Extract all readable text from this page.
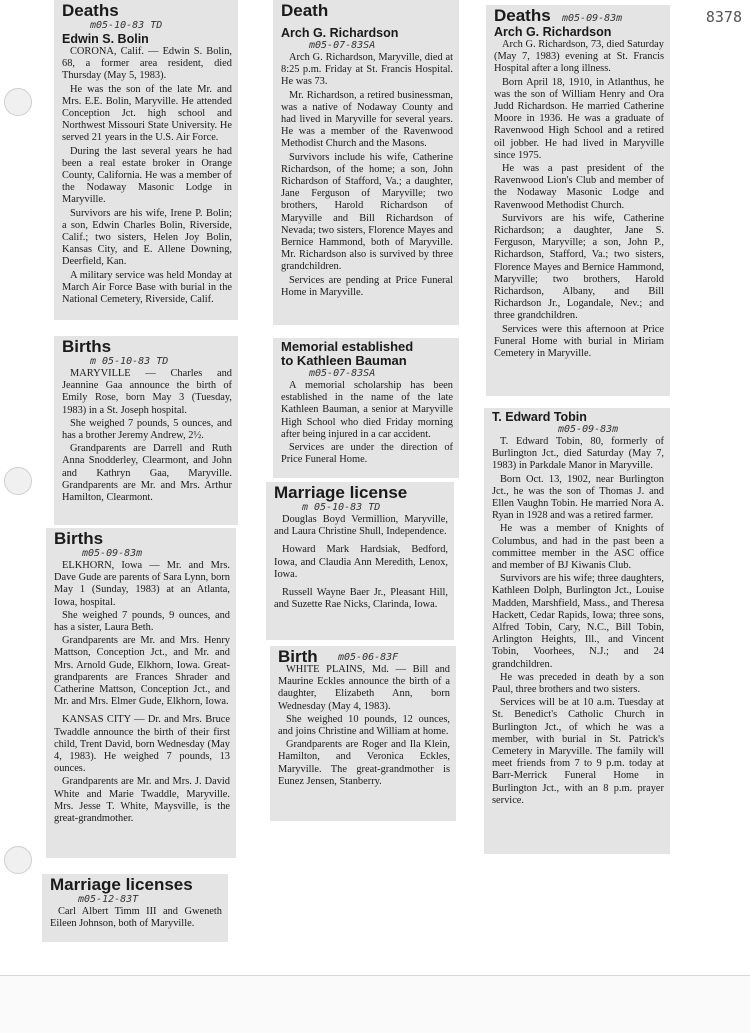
8378
Deaths
m05-10-83 TD
Edwin S. Bolin

CORONA, Calif. — Edwin S. Bolin, 68, a former area resident, died Thursday (May 5, 1983).

He was the son of the late Mr. and Mrs. E.E. Bolin, Maryville. He attended Conception Jct. high school and Northwest Missouri State University. He served 21 years in the U.S. Air Force.

During the last several years he had been a real estate broker in Orange County, California. He was a member of the Nodaway Masonic Lodge in Maryville.

Survivors are his wife, Irene P. Bolin; a son, Edwin Charles Bolin, Riverside, Calif.; two sisters, Helen Joy Bolin, Kansas City, and E. Allene Downing, Deerfield, Kan.

A military service was held Monday at March Air Force Base with burial in the National Cemetery, Riverside, Calif.

Births
m 05-10-83 TD

MARYVILLE — Charles and Jeannine Gaa announce the birth of Emily Rose, born May 3 (Tuesday, 1983) in a St. Joseph hospital.

She weighed 7 pounds, 5 ounces, and has a brother Jeremy Andrew, 2½.

Grandparents are Darrell and Ruth Anna Snodderley, Clearmont, and John and Kathryn Gaa, Maryville. Grandparents are Mr. and Mrs. Arthur Hamilton, Clearmont.

Births
m05-09-83m

ELKHORN, Iowa — Mr. and Mrs. Dave Gude are parents of Sara Lynn, born May 1 (Sunday, 1983) at an Atlanta, Iowa, hospital.

She weighed 7 pounds, 9 ounces, and has a sister, Laura Beth.

Grandparents are Mr. and Mrs. Henry Mattson, Conception Jct., and Mr. and Mrs. Arnold Gude, Elkhorn, Iowa. Great-grandparents are Frances Shrader and Catherine Mattson, Conception Jct., and Mr. and Mrs. Elmer Gude, Elkhorn, Iowa.

KANSAS CITY — Dr. and Mrs. Bruce Twaddle announce the birth of their first child, Trent David, born Wednesday (May 4, 1983). He weighed 7 pounds, 13 ounces.

Grandparents are Mr. and Mrs. J. David White and Marie Twaddle, Maryville. Mrs. Jesse T. White, Maysville, is the great-grandmother.

Marriage licenses
m05-12-83T

Carl Albert Timm III and Gweneth Eileen Johnson, both of Maryville.

Death
Arch G. Richardson
m05-07-83SA

Arch G. Richardson, Maryville, died at 8:25 p.m. Friday at St. Francis Hospital. He was 73.

Mr. Richardson, a retired businessman, was a native of Nodaway County and had lived in Maryville for several years. He was a member of the Ravenwood Methodist Church and the Masons.

Survivors include his wife, Catherine Richardson, of the home; a son, John Richardson of Stafford, Va.; a daughter, Jane Ferguson of Maryville; two brothers, Harold Richardson of Maryville and Bill Richardson of Nevada; two sisters, Florence Mayes and Bernice Hammond, both of Maryville. Mr. Richardson also is survived by three grandchildren.

Services are pending at Price Funeral Home in Maryville.

Memorial established
to Kathleen Bauman
m05-07-83SA

A memorial scholarship has been established in the name of the late Kathleen Bauman, a senior at Maryville High School who died Friday morning after being injured in a car accident.

Services are under the direction of Price Funeral Home.

Marriage license
m 05-10-83 TD

Douglas Boyd Vermillion, Maryville, and Laura Christine Shull, Independence.

Howard Mark Hardsiak, Bedford, Iowa, and Claudia Ann Meredith, Lenox, Iowa.

Russell Wayne Baer Jr., Pleasant Hill, and Suzette Rae Nicks, Clarinda, Iowa.

Birth	m05-06-83F

WHITE PLAINS, Md. — Bill and Maurine Eckles announce the birth of a daughter, Elizabeth Ann, born Wednesday (May 4, 1983).

She weighed 10 pounds, 12 ounces, and joins Christine and William at home.

Grandparents are Roger and Ila Klein, Hamilton, and Veronica Eckles, Maryville. The great-grandmother is Eunez Jensen, Stanberry.

Deaths	m05-09-83m
Arch G. Richardson

Arch G. Richardson, 73, died Saturday (May 7, 1983) evening at St. Francis Hospital after a long illness.

Born April 18, 1910, in Atlanthus, he was the son of William Henry and Ora Judd Richardson. He married Catherine Moore in 1936. He was a graduate of Ravenwood High School and a retired oil jobber. He had lived in Maryville since 1975.

He was a past president of the Ravenwood Lion's Club and member of the Nodaway Masonic Lodge and Ravenwood Methodist Church.

Survivors are his wife, Catherine Richardson; a daughter, Jane S. Ferguson, Maryville; a son, John P., Richardson, Stafford, Va.; two sisters, Florence Mayes and Bernice Hammond, Maryville; two brothers, Harold Richardson, Albany, and Bill Richardson Jr., Logandale, Nev.; and three grandchildren.

Services were this afternoon at Price Funeral Home with burial in Miriam Cemetery in Maryville.

T. Edward Tobin
m05-09-83m

T. Edward Tobin, 80, formerly of Burlington Jct., died Saturday (May 7, 1983) in Parkdale Manor in Maryville.

Born Oct. 13, 1902, near Burlington Jct., he was the son of Thomas J. and Ellen Vaughn Tobin. He married Nora A. Ryan in 1928 and was a retired farmer.

He was a member of Knights of Columbus, and had in the past been a committee member in the ASC office and member of BJ Kiwanis Club.

Survivors are his wife; three daughters, Kathleen Dolph, Burlington Jct., Louise Madden, Marshfield, Mass., and Theresa Hackett, Cedar Rapids, Iowa; three sons, Alfred Tobin, Cary, N.C., Bill Tobin, Arlington Heights, Ill., and Vincent Tobin, Voorhees, N.J.; and 24 grandchildren.

He was preceded in death by a son Paul, three brothers and two sisters.

Services will be at 10 a.m. Tuesday at St. Benedict's Catholic Church in Burlington Jct., of which he was a member, with burial in St. Patrick's Cemetery in Maryville. The family will meet friends from 7 to 9 p.m. today at Barr-Merrick Funeral Home in Burlington Jct., with an 8 p.m. prayer service.
